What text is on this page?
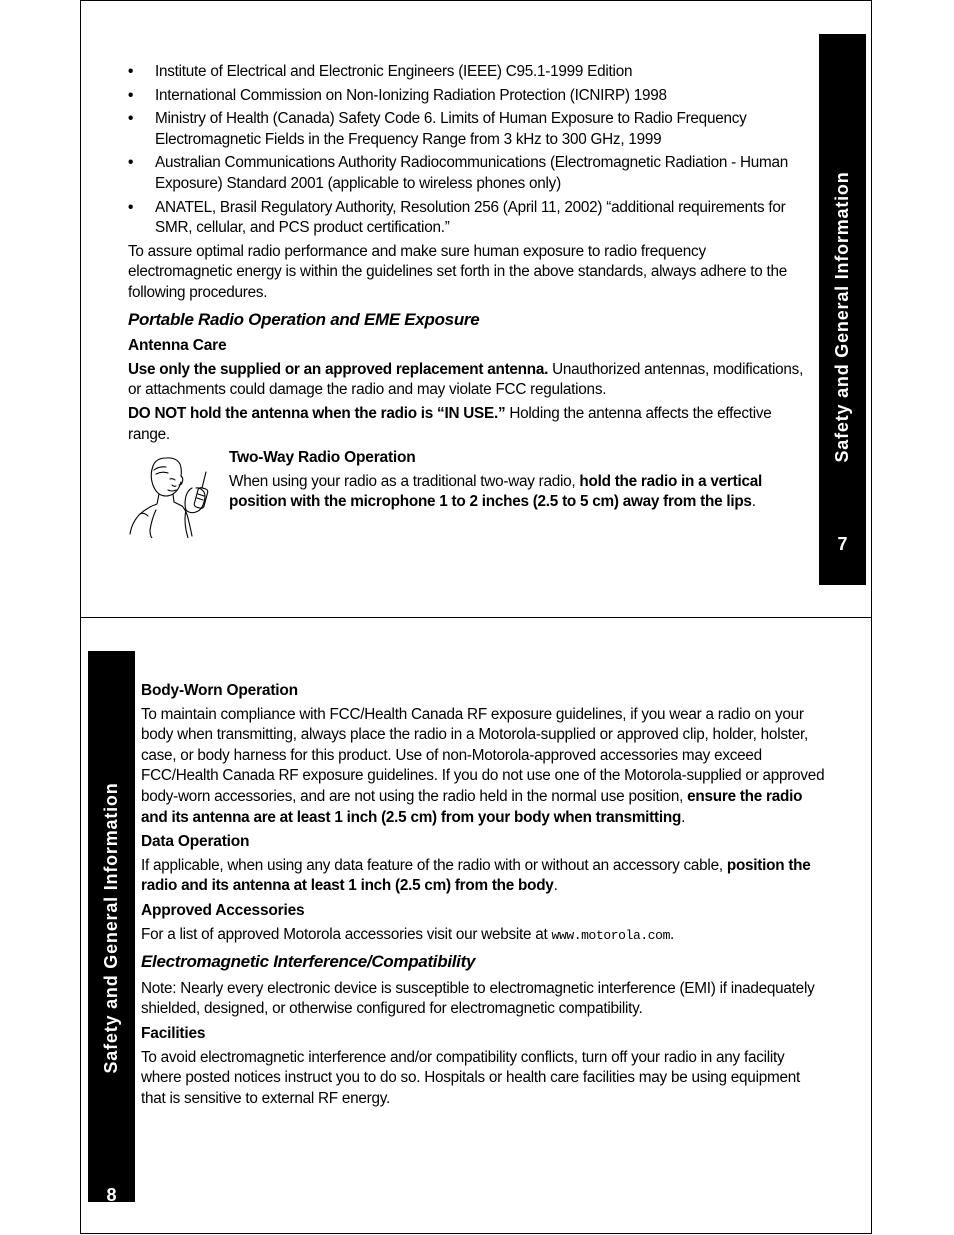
• Institute of Electrical and Electronic Engineers (IEEE) C95.1-1999 Edition
• International Commission on Non-Ionizing Radiation Protection (ICNIRP) 1998
• Ministry of Health (Canada) Safety Code 6. Limits of Human Exposure to Radio Frequency Electromagnetic Fields in the Frequency Range from 3 kHz to 300 GHz, 1999
• Australian Communications Authority Radiocommunications (Electromagnetic Radiation - Human Exposure) Standard 2001 (applicable to wireless phones only)
• ANATEL, Brasil Regulatory Authority, Resolution 256 (April 11, 2002) “additional requirements for SMR, cellular, and PCS product certification.”

To assure optimal radio performance and make sure human exposure to radio frequency electromagnetic energy is within the guidelines set forth in the above standards, always adhere to the following procedures.

Portable Radio Operation and EME Exposure
Antenna Care

Use only the supplied or an approved replacement antenna. Unauthorized antennas, modifications, or attachments could damage the radio and may violate FCC regulations.

DO NOT hold the antenna when the radio is “IN USE.” Holding the antenna affects the effective range.

Two-Way Radio Operation

When using your radio as a traditional two-way radio, hold the radio in a vertical position with the microphone 1 to 2 inches (2.5 to 5 cm) away from the lips.

Safety and General Information
7
Safety and General Information
8
Body-Worn Operation

To maintain compliance with FCC/Health Canada RF exposure guidelines, if you wear a radio on your body when transmitting, always place the radio in a Motorola-supplied or approved clip, holder, holster, case, or body harness for this product. Use of non-Motorola-approved accessories may exceed FCC/Health Canada RF exposure guidelines. If you do not use one of the Motorola-supplied or approved body-worn accessories, and are not using the radio held in the normal use position, ensure the radio and its antenna are at least 1 inch (2.5 cm) from your body when transmitting.

Data Operation

If applicable, when using any data feature of the radio with or without an accessory cable, position the radio and its antenna at least 1 inch (2.5 cm) from the body.

Approved Accessories

For a list of approved Motorola accessories visit our website at www.motorola.com.

Electromagnetic Interference/Compatibility

Note: Nearly every electronic device is susceptible to electromagnetic interference (EMI) if inadequately shielded, designed, or otherwise configured for electromagnetic compatibility.

Facilities

To avoid electromagnetic interference and/or compatibility conflicts, turn off your radio in any facility where posted notices instruct you to do so. Hospitals or health care facilities may be using equipment that is sensitive to external RF energy.
